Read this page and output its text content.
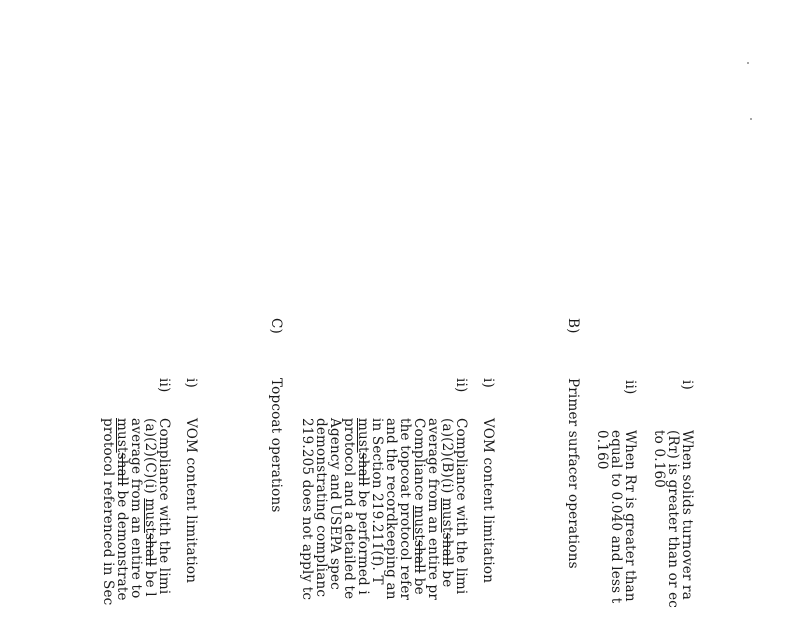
i)
When solids turnover ra
(Rᴛ) is greater than or ec
to 0.160
ii)
When Rᴛ is greater than
equal to 0.040 and less t
0.160
B)
Primer surfacer operations
i)
VOM content limitation
ii)
Compliance with the limi
(a)(2)(B)(i) mustshall be
average from an entire pr
Compliance mustshall be
the topcoat protocol refer
and the recordkeeping an
in Section 219.211(f). T
mustshall be performed i
protocol and a detailed te
Agency and USEPA spec
demonstrating complianc
219.205 does not apply tc
C)
Topcoat operations
i)
VOM content limitation
ii)
Compliance with the limi
(a)(2)(C)(i) mustshall be l
average from an entire to
mustshall be demonstrate
protocol referenced in Sec
